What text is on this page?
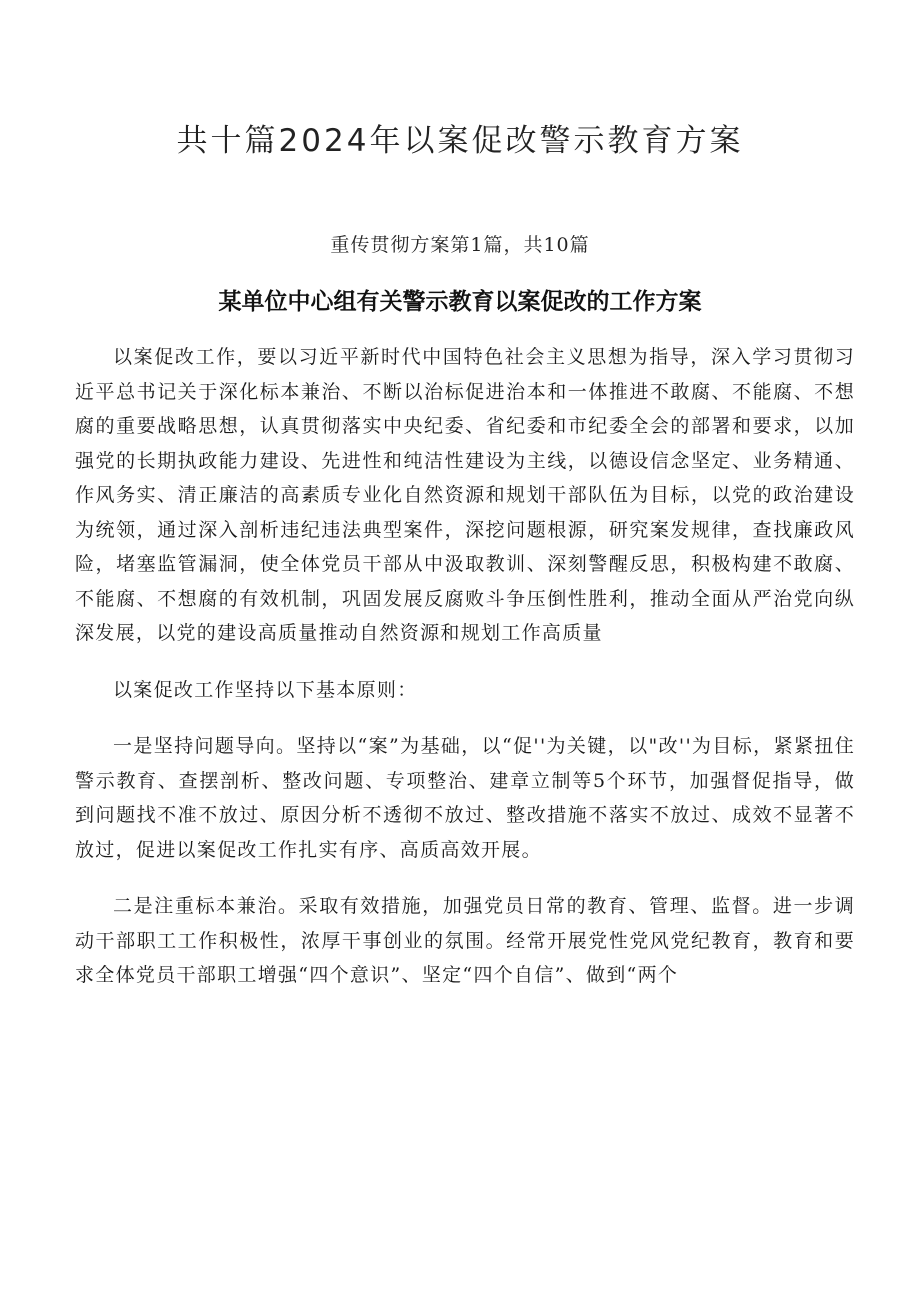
共十篇2024年以案促改警示教育方案
重传贯彻方案第1篇，共10篇
某单位中心组有关警示教育以案促改的工作方案

以案促改工作，要以习近平新时代中国特色社会主义思想为指导，深入学习贯彻习近平总书记关于深化标本兼治、不断以治标促进治本和一体推进不敢腐、不能腐、不想腐的重要战略思想，认真贯彻落实中央纪委、省纪委和市纪委全会的部署和要求，以加强党的长期执政能力建设、先进性和纯洁性建设为主线，以德设信念坚定、业务精通、作风务实、清正廉洁的高素质专业化自然资源和规划干部队伍为目标，以党的政治建设为统领，通过深入剖析违纪违法典型案件，深挖问题根源，研究案发规律，查找廉政风险，堵塞监管漏洞，使全体党员干部从中汲取教训、深刻警醒反思，积极构建不敢腐、不能腐、不想腐的有效机制，巩固发展反腐败斗争压倒性胜利，推动全面从严治党向纵深发展，以党的建设高质量推动自然资源和规划工作高质量

以案促改工作坚持以下基本原则：

一是坚持问题导向。坚持以“案”为基础，以“促''为关键，以"改''为目标，紧紧扭住警示教育、查摆剖析、整改问题、专项整治、建章立制等5个环节，加强督促指导，做到问题找不准不放过、原因分析不透彻不放过、整改措施不落实不放过、成效不显著不放过，促进以案促改工作扎实有序、高质高效开展。

二是注重标本兼治。采取有效措施，加强党员日常的教育、管理、监督。进一步调动干部职工工作积极性，浓厚干事创业的氛围。经常开展党性党风党纪教育，教育和要求全体党员干部职工增强“四个意识”、坚定“四个自信”、做到“两个
